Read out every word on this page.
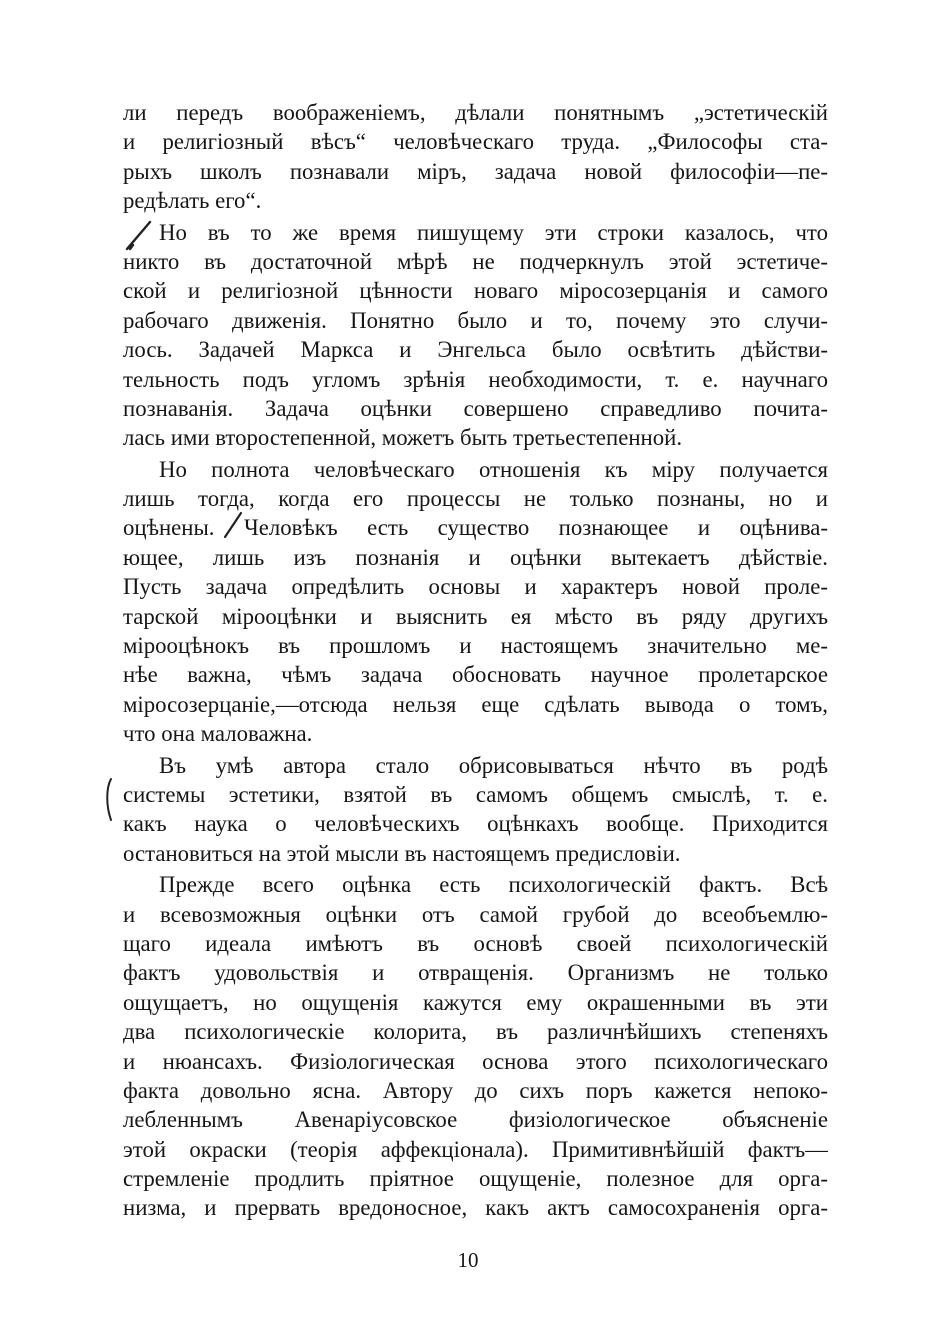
ли передъ воображенiемъ, дѣлали понятнымъ „эстетическiй
и религiозный вѣсъ“ человѣческаго труда. „Философы ста-
рыхъ школъ познавали мiръ, задача новой философiи—пе-
редѣлать его“.
Но въ то же время пишущему эти строки казалось, что
никто въ достаточной мѣрѣ не подчеркнулъ этой эстетиче-
ской и религiозной цѣнности новаго мiросозерцанiя и самого
рабочаго движенiя. Понятно было и то, почему это случи-
лось. Задачей Маркса и Энгельса было освѣтить дѣйстви-
тельность подъ угломъ зрѣнiя необходимости, т. е. научнаго
познаванiя. Задача оцѣнки совершено справедливо почита-
лась ими второстепенной, можетъ быть третьестепенной.
Но полнота человѣческаго отношенiя къ мiру получается
лишь тогда, когда его процессы не только познаны, но и
оцѣнены. Человѣкъ есть существо познающее и оцѣнива-
ющее, лишь изъ познанiя и оцѣнки вытекаетъ дѣйствiе.
Пусть задача опредѣлить основы и характеръ новой проле-
тарской мiрооцѣнки и выяснить ея мѣсто въ ряду другихъ
мiрооцѣнокъ въ прошломъ и настоящемъ значительно ме-
нѣе важна, чѣмъ задача обосновать научное пролетарское
мiросозерцанiе,—отсюда нельзя еще сдѣлать вывода о томъ,
что она маловажна.
Въ умѣ автора стало обрисовываться нѣчто въ родѣ
системы эстетики, взятой въ самомъ общемъ смыслѣ, т. е.
какъ наука о человѣческихъ оцѣнкахъ вообще. Приходится
остановиться на этой мысли въ настоящемъ предисловiи.
Прежде всего оцѣнка есть психологическiй фактъ. Всѣ
и всевозможныя оцѣнки отъ самой грубой до всеобъемлю-
щаго идеала имѣютъ въ основѣ своей психологическiй
фактъ удовольствiя и отвращенiя. Организмъ не только
ощущаетъ, но ощущенiя кажутся ему окрашенными въ эти
два психологическiе колорита, въ различнѣйшихъ степеняхъ
и нюансахъ. Физiологическая основа этого психологическаго
факта довольно ясна. Автору до сихъ поръ кажется непоко-
лебленнымъ Авенарiусовское физiологическое объясненiе
этой окраски (теорiя аффекцiонала). Примитивнѣйшiй фактъ—
стремленiе продлить прiятное ощущенiе, полезное для орга-
низма, и прервать вредоносное, какъ актъ самосохраненiя орга-
10
